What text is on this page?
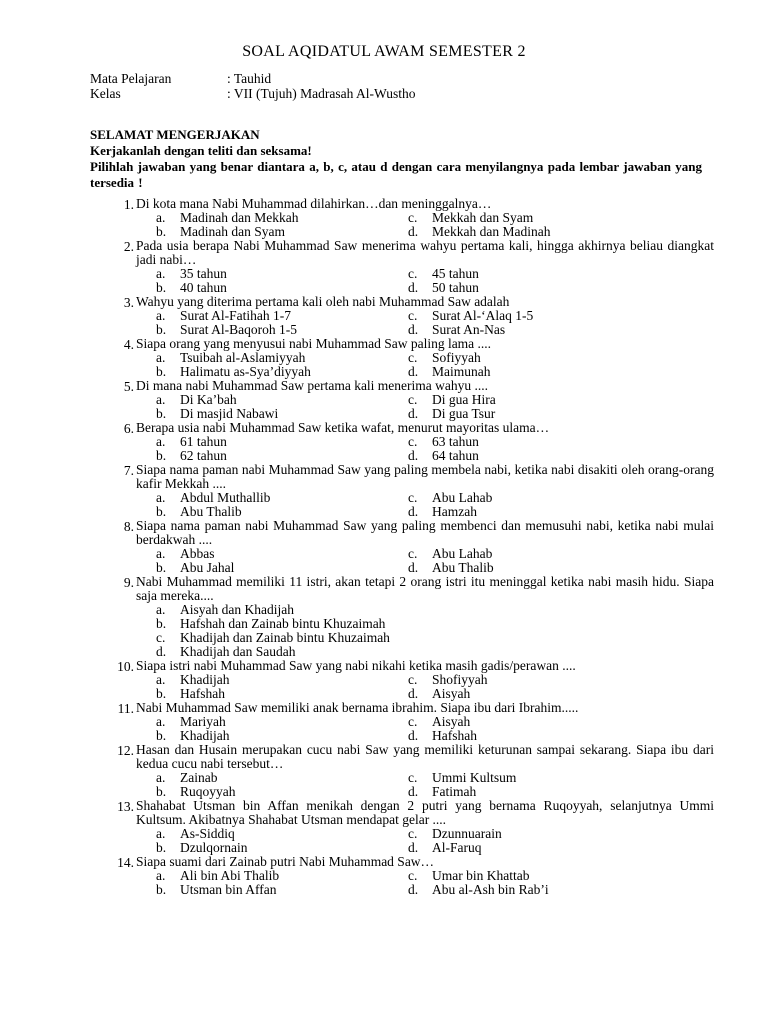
SOAL AQIDATUL AWAM SEMESTER 2
Mata Pelajaran	: Tauhid
Kelas	: VII (Tujuh) Madrasah Al-Wustho
SELAMAT MENGERJAKAN
Kerjakanlah dengan teliti dan seksama!
Pilihlah jawaban yang benar diantara a, b, c, atau d dengan cara menyilangnya pada lembar jawaban yang tersedia !
1. Di kota mana Nabi Muhammad dilahirkan…dan meninggalnya…
a.	Madinah dan Mekkah	c.	Mekkah dan Syam
b.	Madinah dan Syam	d.	Mekkah dan Madinah
2. Pada usia berapa Nabi Muhammad Saw menerima wahyu pertama kali, hingga akhirnya beliau diangkat jadi nabi…
a.	35 tahun	c.	45 tahun
b.	40 tahun	d.	50 tahun
3. Wahyu yang diterima pertama kali oleh nabi Muhammad Saw adalah
a.	Surat Al-Fatihah 1-7	c.	Surat Al-‘Alaq 1-5
b.	Surat Al-Baqoroh 1-5	d.	Surat An-Nas
4. Siapa orang yang menyusui nabi Muhammad Saw paling lama ....
a.	Tsuibah al-Aslamiyyah	c.	Sofiyyah
b.	Halimatu as-Sya’diyyah	d.	Maimunah
5. Di mana nabi Muhammad Saw pertama kali menerima wahyu ....
a.	Di Ka’bah	c.	Di gua Hira
b.	Di masjid Nabawi	d.	Di gua Tsur
6. Berapa usia nabi Muhammad Saw ketika wafat, menurut mayoritas ulama…
a.	61 tahun	c.	63 tahun
b.	62 tahun	d.	64 tahun
7. Siapa nama paman nabi Muhammad Saw yang paling membela nabi, ketika nabi disakiti oleh orang-orang kafir Mekkah ....
a.	Abdul Muthallib	c.	Abu Lahab
b.	Abu Thalib	d.	Hamzah
8. Siapa nama paman nabi Muhammad Saw yang paling membenci dan memusuhi nabi, ketika nabi mulai berdakwah ....
a.	Abbas	c.	Abu Lahab
b.	Abu Jahal	d.	Abu Thalib
9. Nabi Muhammad memiliki 11 istri, akan tetapi 2 orang istri itu meninggal ketika nabi masih hidu. Siapa saja mereka....
a.	Aisyah dan Khadijah
b.	Hafshah dan Zainab bintu Khuzaimah
c.	Khadijah dan Zainab bintu Khuzaimah
d.	Khadijah dan Saudah
10. Siapa istri nabi Muhammad Saw yang nabi nikahi ketika masih gadis/perawan ....
a.	Khadijah	c.	Shofiyyah
b.	Hafshah	d.	Aisyah
11. Nabi Muhammad Saw memiliki anak bernama ibrahim. Siapa ibu dari Ibrahim.....
a.	Mariyah	c.	Aisyah
b.	Khadijah	d.	Hafshah
12. Hasan dan Husain merupakan cucu nabi Saw yang memiliki keturunan sampai sekarang. Siapa ibu dari kedua cucu nabi tersebut…
a.	Zainab	c.	Ummi Kultsum
b.	Ruqoyyah	d.	Fatimah
13. Shahabat Utsman bin Affan menikah dengan 2 putri yang bernama Ruqoyyah, selanjutnya Ummi Kultsum. Akibatnya Shahabat Utsman mendapat gelar ....
a.	As-Siddiq	c.	Dzunnuarain
b.	Dzulqornain	d.	Al-Faruq
14. Siapa suami dari Zainab putri Nabi Muhammad Saw…
a.	Ali bin Abi Thalib	c.	Umar bin Khattab
b.	Utsman bin Affan	d.	Abu al-Ash bin Rab’i
